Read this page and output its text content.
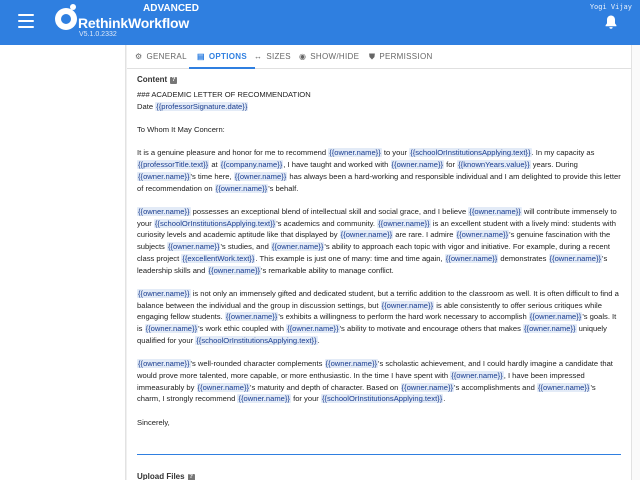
RethinkWorkflow
ADVANCED
V5.1.0.2332
Yogi Vijay
⚙ GENERAL	▤ OPTIONS ↔ SIZES ◉ SHOW/HIDE ⛊ PERMISSION
Content ?

### ACADEMIC LETTER OF RECOMMENDATION

Date {{professorSignature.date}}

To Whom It May Concern:

It is a genuine pleasure and honor for me to recommend {{owner.name}} to your {{schoolOrInstitutionsApplying.text}}. In my capacity as {{professorTitle.text}} at {{company.name}}, I have taught and worked with {{owner.name}} for {{knownYears.value}} years. During {{owner.name}}'s time here, {{owner.name}} has always been a hard-working and responsible individual and I am delighted to provide this letter of recommendation on {{owner.name}}'s behalf.

{{owner.name}} possesses an exceptional blend of intellectual skill and social grace, and I believe {{owner.name}} will contribute immensely to your {{schoolOrInstitutionsApplying.text}}'s academics and community. {{owner.name}} is an excellent student with a lively mind: students with curiosity levels and academic aptitude like that displayed by {{owner.name}} are rare. I admire {{owner.name}}'s genuine fascination with the subjects {{owner.name}}'s studies, and {{owner.name}}'s ability to approach each topic with vigor and initiative. For example, during a recent class project {{excellentWork.text}}. This example is just one of many: time and time again, {{owner.name}} demonstrates {{owner.name}}'s leadership skills and {{owner.name}}'s remarkable ability to manage conflict.

{{owner.name}} is not only an immensely gifted and dedicated student, but a terrific addition to the classroom as well. It is often difficult to find a balance between the individual and the group in discussion settings, but {{owner.name}} is able consistently to offer serious critiques while engaging fellow students. {{owner.name}}'s exhibits a willingness to perform the hard work necessary to accomplish {{owner.name}}'s goals. It is {{owner.name}}'s work ethic coupled with {{owner.name}}'s ability to motivate and encourage others that makes {{owner.name}} uniquely qualified for your {{schoolOrInstitutionsApplying.text}}.

{{owner.name}}'s well-rounded character complements {{owner.name}}'s scholastic achievement, and I could hardly imagine a candidate that would prove more talented, more capable, or more enthusiastic. In the time I have spent with {{owner.name}}, I have been impressed immeasurably by {{owner.name}}'s maturity and depth of character. Based on {{owner.name}}'s accomplishments and {{owner.name}}'s charm, I strongly recommend {{owner.name}} for your {{schoolOrInstitutionsApplying.text}}.

Sincerely,

Upload Files ?
